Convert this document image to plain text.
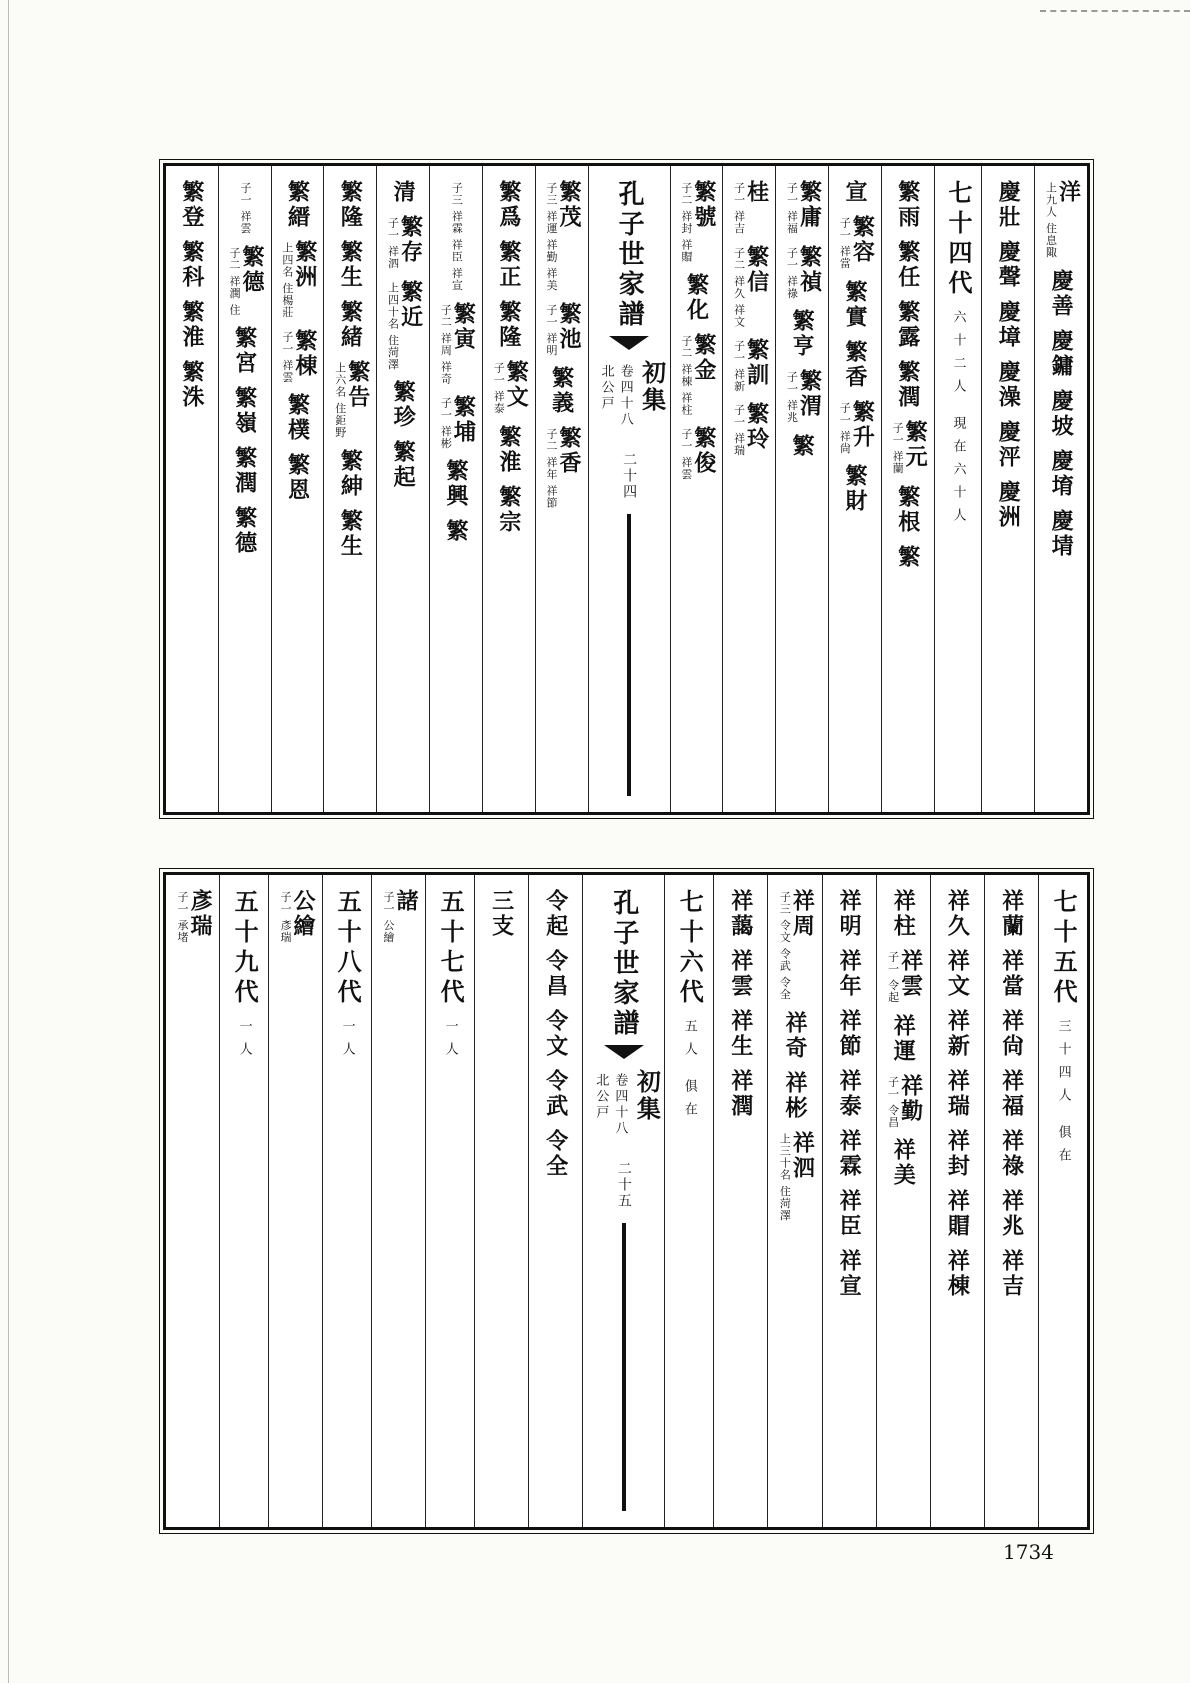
洋
上九人 住息陬
慶善
慶鏞
慶坡
慶堉
慶埥
慶壯
慶聲
慶墇
慶澡
慶泙
慶洲
七十四代
六十二人 現在六十人
繁雨
繁任
繁露
繁潤
繁元
子一 祥蘭
繁根
繁
宣
繁容
子一 祥當
繁實
繁香
繁升
子一 祥尙
繁財
繁庸
子一 祥福
繁禎
子一 祥祿
繁亨
繁渭
子一 祥兆
繁
桂
子一 祥吉
繁信
子二 祥久 祥文
繁訓
子一 祥新
繁玲
子一 祥瑞
繁號
子二 祥封 祥賵
繁化
繁金
子二 祥棟 祥柱
繁俊
子一 祥雲
孔子世家譜
初集
卷四十八
北公戸
二十四
繁茂
子三 祥運 祥勤 祥美
繁池
子一 祥明
繁義
繁香
子二 祥年 祥節
繁爲
繁正
繁隆
繁文
子一 祥泰
繁淮
繁宗
子三 祥霖 祥臣 祥宣
繁寅
子二 祥周 祥奇
繁埔
子一 祥彬
繁興
繁
清
繁存
子一 祥泗
繁近
上四十名 住菏澤
繁珍
繁起
繁隆
繁生
繁緒
繁告
上六名 住鉅野
繁紳
繁生
繁縉
繁洲
上四名 住楊莊
繁棟
子一 祥雲
繁樸
繁恩
子一 祥雲
繁德
子二 祥潤 住
繁宮
繁嶺
繁潤
繁德
繁登
繁科
繁淮
繁洙
七十五代
三十四人 俱在
祥蘭
祥當
祥尙
祥福
祥祿
祥兆
祥吉
祥久
祥文
祥新
祥瑞
祥封
祥賵
祥棟
祥柱
祥雲
子一 令起
祥運
祥勤
子一 令昌
祥美
祥明
祥年
祥節
祥泰
祥霖
祥臣
祥宣
祥周
子三 令文 令武 令全
祥奇
祥彬
祥泗
上三十名 住菏澤
祥藹
祥雲
祥生
祥潤
七十六代
五人 俱在
孔子世家譜
初集
卷四十八
北公戸
二十五
令起
令昌
令文
令武
令全
三支
五十七代
一人
諸
子一 公繪
五十八代
一人
公繪
子一 彥瑞
五十九代
一人
彥瑞
子一 承堵
1734
